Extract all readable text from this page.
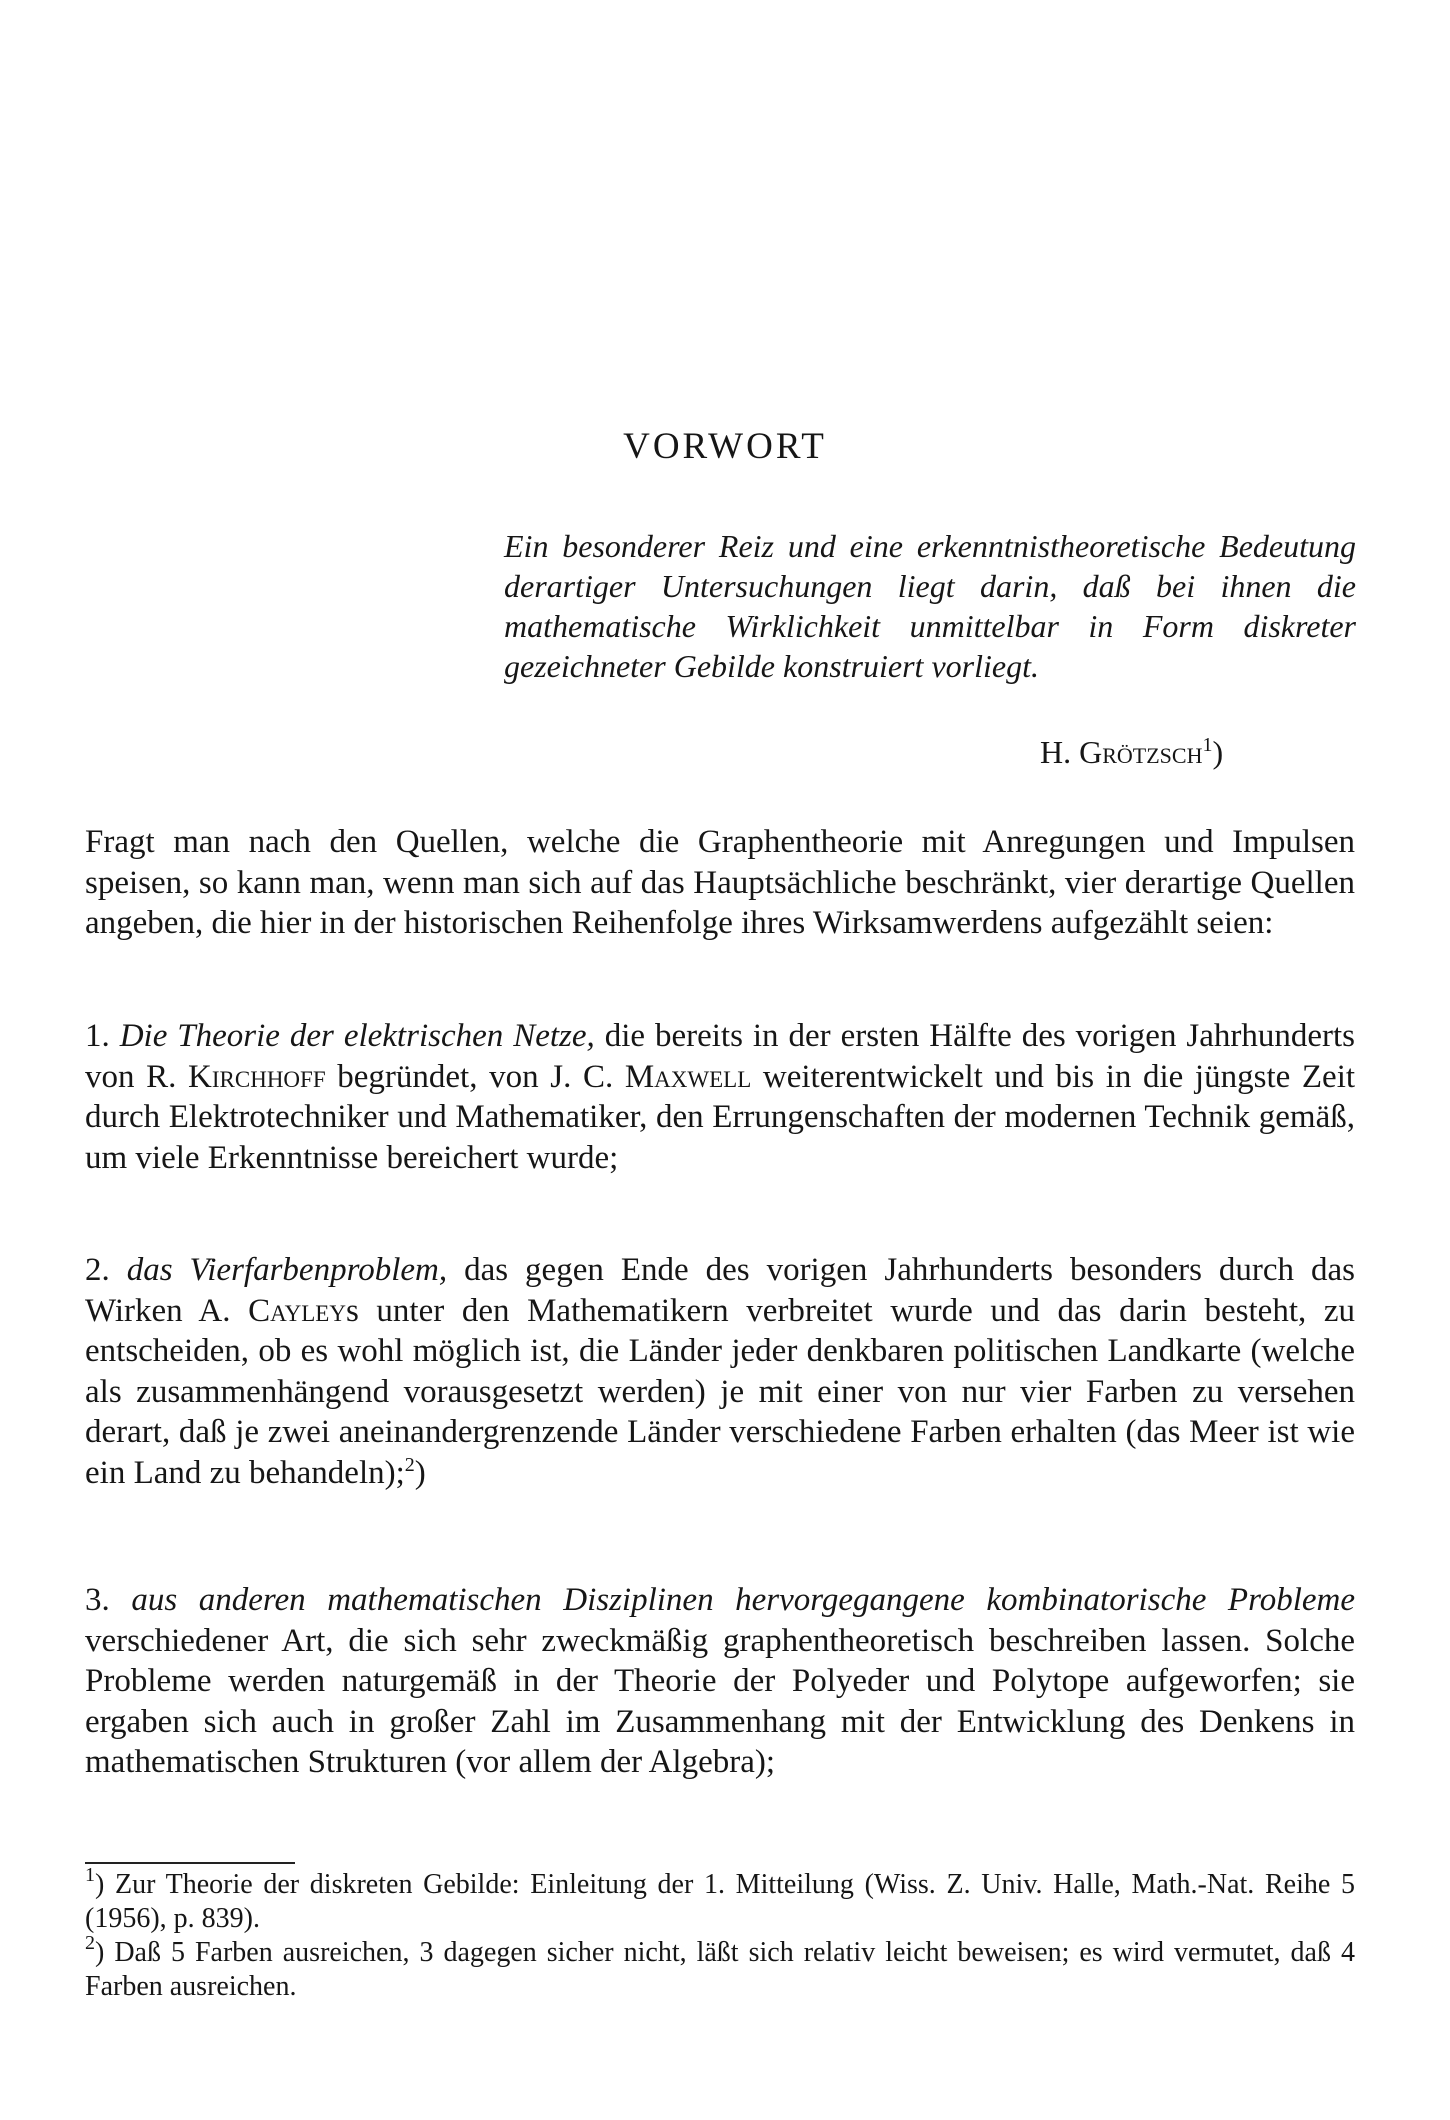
VORWORT

Ein besonderer Reiz und eine erkenntnistheoretische Bedeutung derartiger Untersuchungen liegt darin, daß bei ihnen die mathematische Wirklichkeit unmittelbar in Form diskreter gezeichneter Gebilde konstruiert vorliegt.

H. Grötzsch$^1$)

Fragt man nach den Quellen, welche die Graphentheorie mit Anregungen und Impulsen speisen, so kann man, wenn man sich auf das Hauptsächliche beschränkt, vier derartige Quellen angeben, die hier in der historischen Reihenfolge ihres Wirksamwerdens aufgezählt seien:

1. Die Theorie der elektrischen Netze, die bereits in der ersten Hälfte des vorigen Jahrhunderts von R. Kirchhoff begründet, von J. C. Maxwell weiterentwickelt und bis in die jüngste Zeit durch Elektrotechniker und Mathematiker, den Errungenschaften der modernen Technik gemäß, um viele Erkenntnisse bereichert wurde;

2. das Vierfarbenproblem, das gegen Ende des vorigen Jahrhunderts besonders durch das Wirken A. Cayleys unter den Mathematikern verbreitet wurde und das darin besteht, zu entscheiden, ob es wohl möglich ist, die Länder jeder denkbaren politischen Landkarte (welche als zusammenhängend vorausgesetzt werden) je mit einer von nur vier Farben zu versehen derart, daß je zwei aneinandergrenzende Länder verschiedene Farben erhalten (das Meer ist wie ein Land zu behandeln);$^2$)

3. aus anderen mathematischen Disziplinen hervorgegangene kombinatorische Probleme verschiedener Art, die sich sehr zweckmäßig graphentheoretisch beschreiben lassen. Solche Probleme werden naturgemäß in der Theorie der Polyeder und Polytope aufgeworfen; sie ergaben sich auch in großer Zahl im Zusammenhang mit der Entwicklung des Denkens in mathematischen Strukturen (vor allem der Algebra);

$^1$) Zur Theorie der diskreten Gebilde: Einleitung der 1. Mitteilung (Wiss. Z. Univ. Halle, Math.-Nat. Reihe 5 (1956), p. 839).

$^2$) Daß 5 Farben ausreichen, 3 dagegen sicher nicht, läßt sich relativ leicht beweisen; es wird vermutet, daß 4 Farben ausreichen.
